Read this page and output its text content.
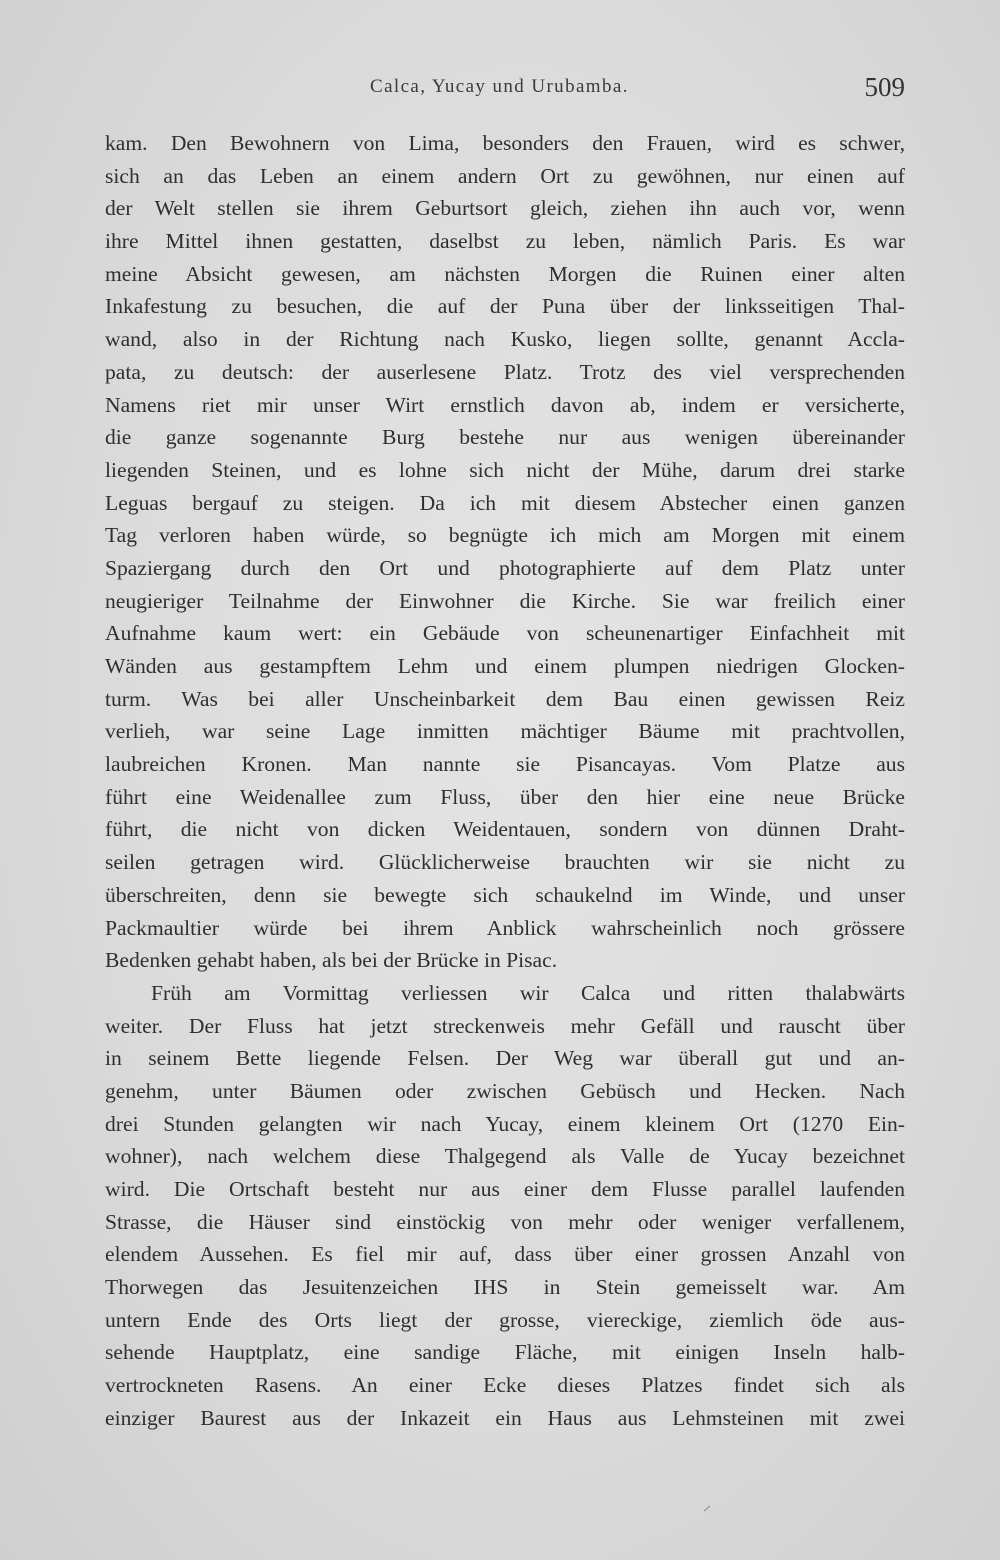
Calca, Yucay und Urubamba.	509
kam. Den Bewohnern von Lima, besonders den Frauen, wird es schwer,
sich an das Leben an einem andern Ort zu gewöhnen, nur einen auf
der Welt stellen sie ihrem Geburtsort gleich, ziehen ihn auch vor, wenn
ihre Mittel ihnen gestatten, daselbst zu leben, nämlich Paris. Es war
meine Absicht gewesen, am nächsten Morgen die Ruinen einer alten
Inkafestung zu besuchen, die auf der Puna über der linksseitigen Thal-
wand, also in der Richtung nach Kusko, liegen sollte, genannt Accla-
pata, zu deutsch: der auserlesene Platz. Trotz des viel versprechenden
Namens riet mir unser Wirt ernstlich davon ab, indem er versicherte,
die ganze sogenannte Burg bestehe nur aus wenigen übereinander
liegenden Steinen, und es lohne sich nicht der Mühe, darum drei starke
Leguas bergauf zu steigen. Da ich mit diesem Abstecher einen ganzen
Tag verloren haben würde, so begnügte ich mich am Morgen mit einem
Spaziergang durch den Ort und photographierte auf dem Platz unter
neugieriger Teilnahme der Einwohner die Kirche. Sie war freilich einer
Aufnahme kaum wert: ein Gebäude von scheunenartiger Einfachheit mit
Wänden aus gestampftem Lehm und einem plumpen niedrigen Glocken-
turm. Was bei aller Unscheinbarkeit dem Bau einen gewissen Reiz
verlieh, war seine Lage inmitten mächtiger Bäume mit prachtvollen,
laubreichen Kronen. Man nannte sie Pisancayas. Vom Platze aus
führt eine Weidenallee zum Fluss, über den hier eine neue Brücke
führt, die nicht von dicken Weidentauen, sondern von dünnen Draht-
seilen getragen wird. Glücklicherweise brauchten wir sie nicht zu
überschreiten, denn sie bewegte sich schaukelnd im Winde, und unser
Packmaultier würde bei ihrem Anblick wahrscheinlich noch grössere
Bedenken gehabt haben, als bei der Brücke in Pisac.
Früh am Vormittag verliessen wir Calca und ritten thalabwärts
weiter. Der Fluss hat jetzt streckenweis mehr Gefäll und rauscht über
in seinem Bette liegende Felsen. Der Weg war überall gut und an-
genehm, unter Bäumen oder zwischen Gebüsch und Hecken. Nach
drei Stunden gelangten wir nach Yucay, einem kleinem Ort (1270 Ein-
wohner), nach welchem diese Thalgegend als Valle de Yucay bezeichnet
wird. Die Ortschaft besteht nur aus einer dem Flusse parallel laufenden
Strasse, die Häuser sind einstöckig von mehr oder weniger verfallenem,
elendem Aussehen. Es fiel mir auf, dass über einer grossen Anzahl von
Thorwegen das Jesuitenzeichen IHS in Stein gemeisselt war. Am
untern Ende des Orts liegt der grosse, viereckige, ziemlich öde aus-
sehende Hauptplatz, eine sandige Fläche, mit einigen Inseln halb-
vertrockneten Rasens. An einer Ecke dieses Platzes findet sich als
einziger Baurest aus der Inkazeit ein Haus aus Lehmsteinen mit zwei
